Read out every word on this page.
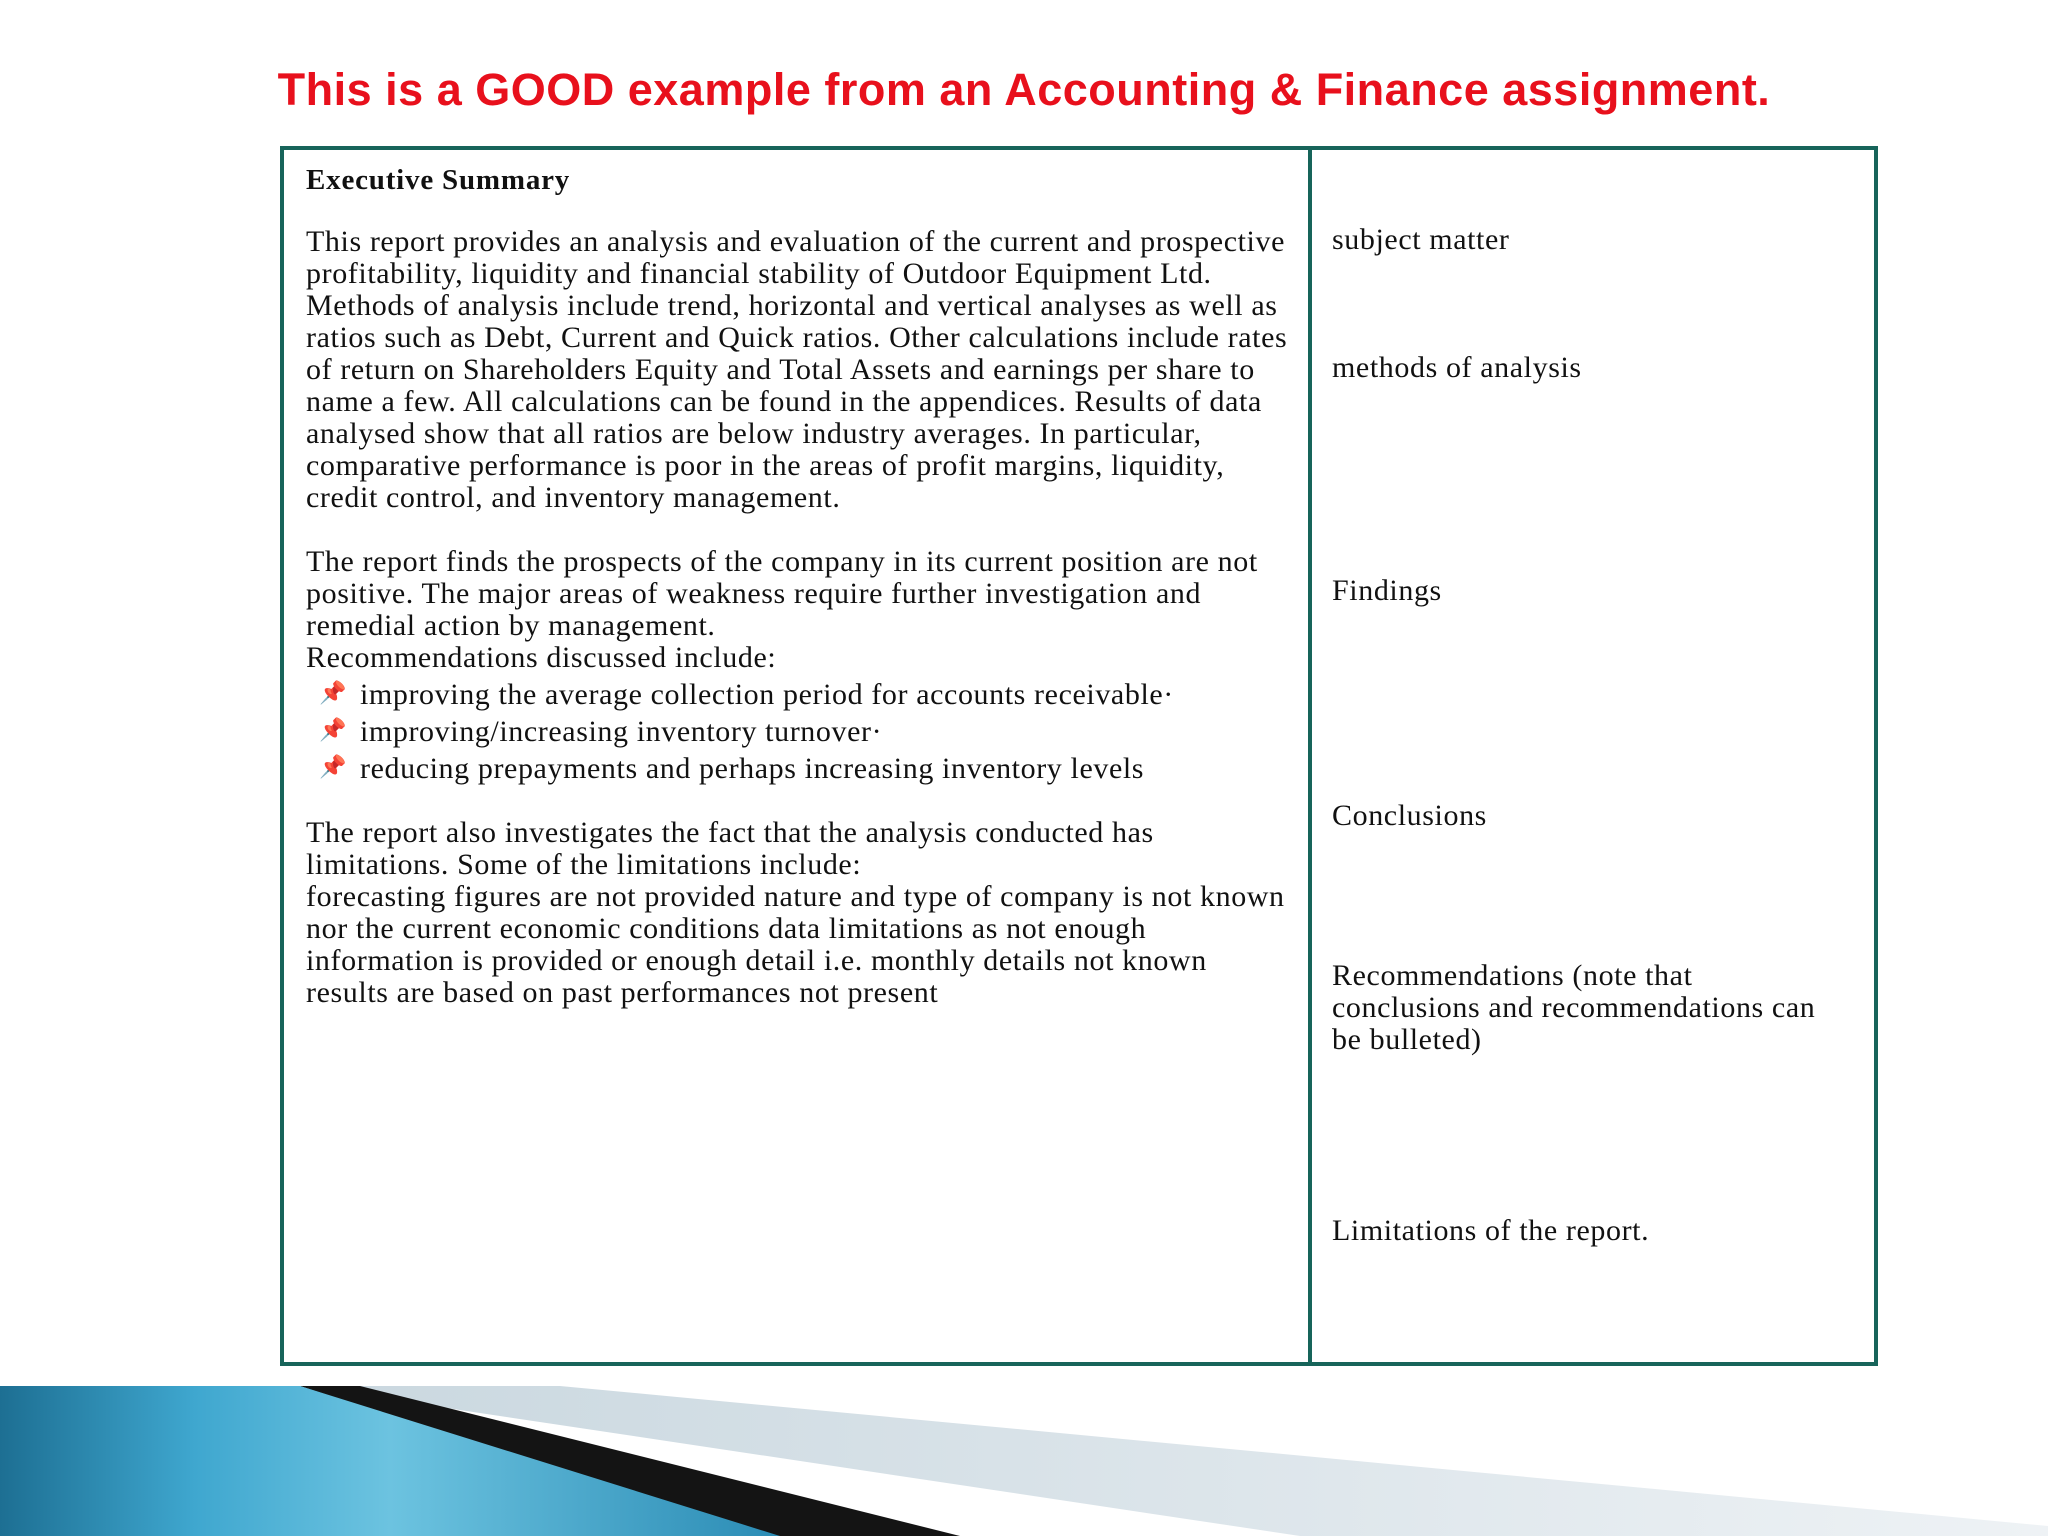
This is a GOOD example from an Accounting & Finance assignment.

Executive Summary

This report provides an analysis and evaluation of the current and prospective profitability, liquidity and financial stability of Outdoor Equipment Ltd. Methods of analysis include trend, horizontal and vertical analyses as well as ratios such as Debt, Current and Quick ratios. Other calculations include rates of return on Shareholders Equity and Total Assets and earnings per share to name a few. All calculations can be found in the appendices. Results of data analysed show that all ratios are below industry averages. In particular, comparative performance is poor in the areas of profit margins, liquidity, credit control, and inventory management.

The report finds the prospects of the company in its current position are not positive. The major areas of weakness require further investigation and remedial action by management.
Recommendations discussed include:

📌 improving the average collection period for accounts receivable·
📌 improving/increasing inventory turnover·
📌 reducing prepayments and perhaps increasing inventory levels

The report also investigates the fact that the analysis conducted has limitations. Some of the limitations include:
forecasting figures are not provided nature and type of company is not known nor the current economic conditions data limitations as not enough information is provided or enough detail i.e. monthly details not known results are based on past performances not present

subject matter

methods of analysis

Findings

Conclusions

Recommendations (note that conclusions and recommendations can be bulleted)

Limitations of the report.
